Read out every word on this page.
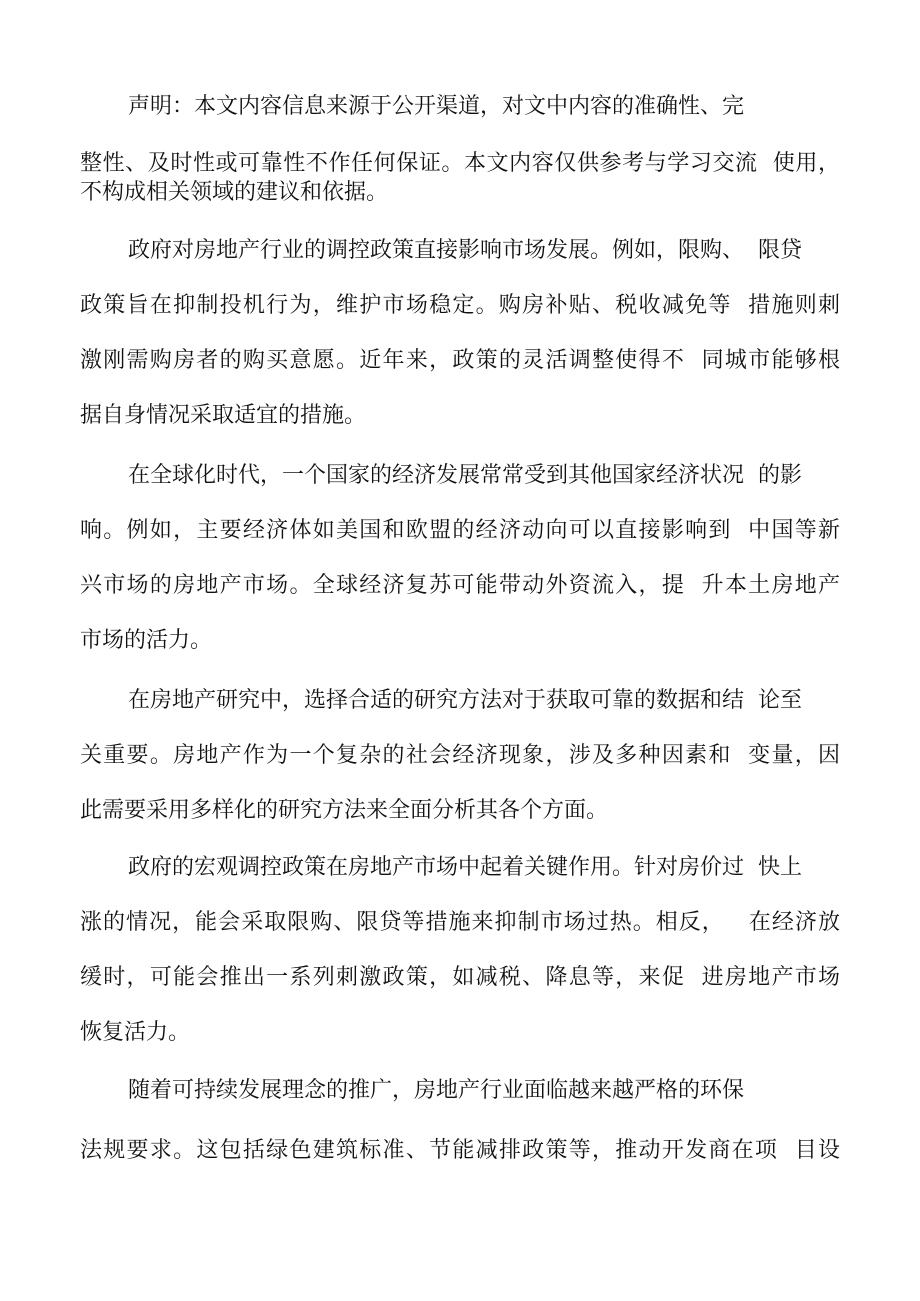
声明：本文内容信息来源于公开渠道，对文中内容的准确性、完

整性、及时性或可靠性不作任何保证。本文内容仅供参考与学习交流  使用，

不构成相关领域的建议和依据。

政府对房地产行业的调控政策直接影响市场发展。例如，限购、  限贷

政策旨在抑制投机行为，维护市场稳定。购房补贴、税收减免等  措施则刺

激刚需购房者的购买意愿。近年来，政策的灵活调整使得不  同城市能够根

据自身情况采取适宜的措施。

在全球化时代，一个国家的经济发展常常受到其他国家经济状况  的影

响。例如，主要经济体如美国和欧盟的经济动向可以直接影响到  中国等新

兴市场的房地产市场。全球经济复苏可能带动外资流入，提  升本土房地产

市场的活力。

在房地产研究中，选择合适的研究方法对于获取可靠的数据和结  论至

关重要。房地产作为一个复杂的社会经济现象，涉及多种因素和  变量，因

此需要采用多样化的研究方法来全面分析其各个方面。

政府的宏观调控政策在房地产市场中起着关键作用。针对房价过  快上

涨的情况，能会采取限购、限贷等措施来抑制市场过热。相反，   在经济放

缓时，可能会推出一系列刺激政策，如减税、降息等，来促  进房地产市场

恢复活力。

随着可持续发展理念的推广，房地产行业面临越来越严格的环保

法规要求。这包括绿色建筑标准、节能减排政策等，推动开发商在项  目设
